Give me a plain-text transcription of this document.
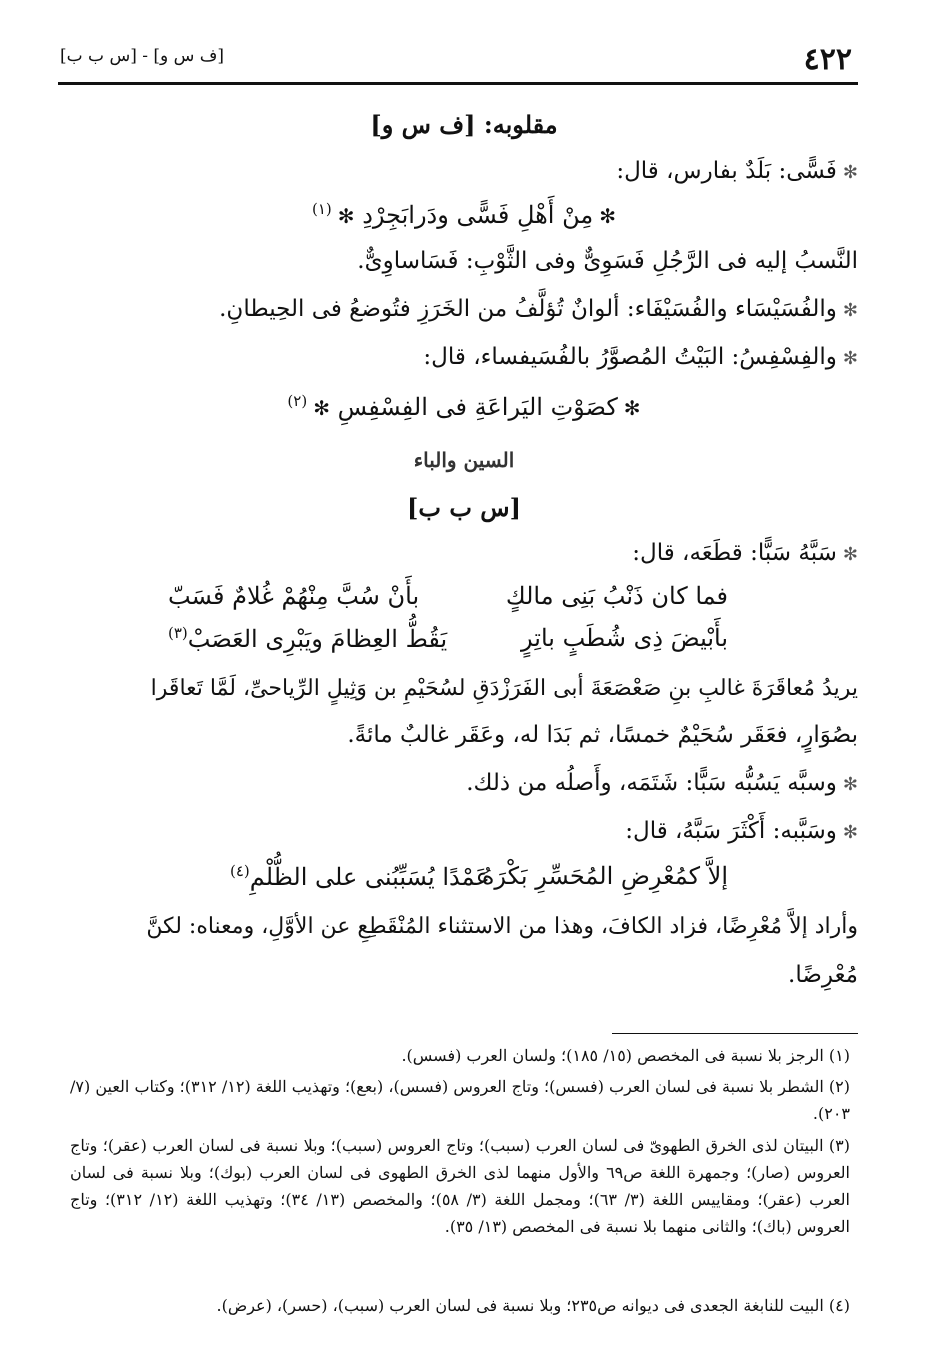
٤٢٢
[ف س و] - [س ب ب]
مقلوبه: [ف س و]
✻فَسًّى: بَلَدٌ بفارس، قال:
✻مِنْ أَهْلِ فَسًّى ودَرابَجِرْدِ ✻$^{(١)}$
النَّسبُ إليه فى الرَّجُلِ فَسَوِىٌّ وفى الثَّوْبِ: فَسَاساوِىٌّ.
✻والفُسَيْسَاء والفُسَيْفَاء: ألوانٌ تُؤلَّفُ من الخَرَزِ فتُوضعُ فى الحِيطانِ.
✻والفِسْفِسُ: البَيْتُ المُصوَّرُ بالفُسَيفساء، قال:
✻كصَوْتِ اليَراعَةِ فى الفِسْفِسِ ✻$^{(٢)}$
السين والباء
[س ب ب]
✻سَبَّهُ سَبًّا: قطَعَه، قال:
فما كان ذَنْبُ بَنِى مالكٍ
بأَنْ سُبَّ مِنْهُمْ غُلامٌ فَسَبّ
بأَبْيضَ ذِى شُطَبٍ باتِرٍ
يَقُطُّ العِظامَ ويَبْرِى العَصَبْ$^{(٣)}$
يريدُ مُعاقَرَةَ غالبِ بنِ صَعْصَعَةَ أبى الفَرَزْدَقِ لسُحَيْمِ بن وَثِيلٍ الرِّياحىِّ، لَمَّا تَعاقَرا
بصُوَارٍ، فعَقَر سُحَيْمٌ خمسًا، ثم بَدَا له، وعَقَر غالبٌ مائةً.
✻وسبَّه يَسُبُّه سَبًّا: شَتَمَه، وأَصلُه من ذلك.
✻وسَبَّبه: أَكْثَرَ سَبَّهُ، قال:
إلاَّ كمُعْرِضِ المُحَسِّرِ بَكْرَهُ
عَمْدًا يُسَبِّبُنى على الظُّلْمِ$^{(٤)}$
وأراد إلاَّ مُعْرِضًا، فزاد الكافَ، وهذا من الاستثناء المُنْقَطِعِ عن الأوَّلِ، ومعناه: لكنَّ
مُعْرِضًا.
(١) الرجز بلا نسبة فى المخصص (١٥/ ١٨٥)؛ ولسان العرب (فسس).
(٢) الشطر بلا نسبة فى لسان العرب (فسس)؛ وتاج العروس (فسس)، (بعع)؛ وتهذيب اللغة (١٢/ ٣١٢)؛ وكتاب العين (٧/ ٢٠٣).
(٣) البيتان لذى الخرق الطهوىّ فى لسان العرب (سبب)؛ وتاج العروس (سبب)؛ وبلا نسبة فى لسان العرب (عقر)؛ وتاج العروس (صار)؛ وجمهرة اللغة ص٦٩ والأول منهما لذى الخرق الطهوى فى لسان العرب (بوك)؛ وبلا نسبة فى لسان العرب (عقر)؛ ومقاييس اللغة (٣/ ٦٣)؛ ومجمل اللغة (٣/ ٥٨)؛ والمخصص (١٣/ ٣٤)؛ وتهذيب اللغة (١٢/ ٣١٢)؛ وتاج العروس (باك)؛ والثانى منهما بلا نسبة فى المخصص (١٣/ ٣٥).
(٤) البيت للنابغة الجعدى فى ديوانه ص٢٣٥؛ وبلا نسبة فى لسان العرب (سبب)، (حسر)، (عرض).
